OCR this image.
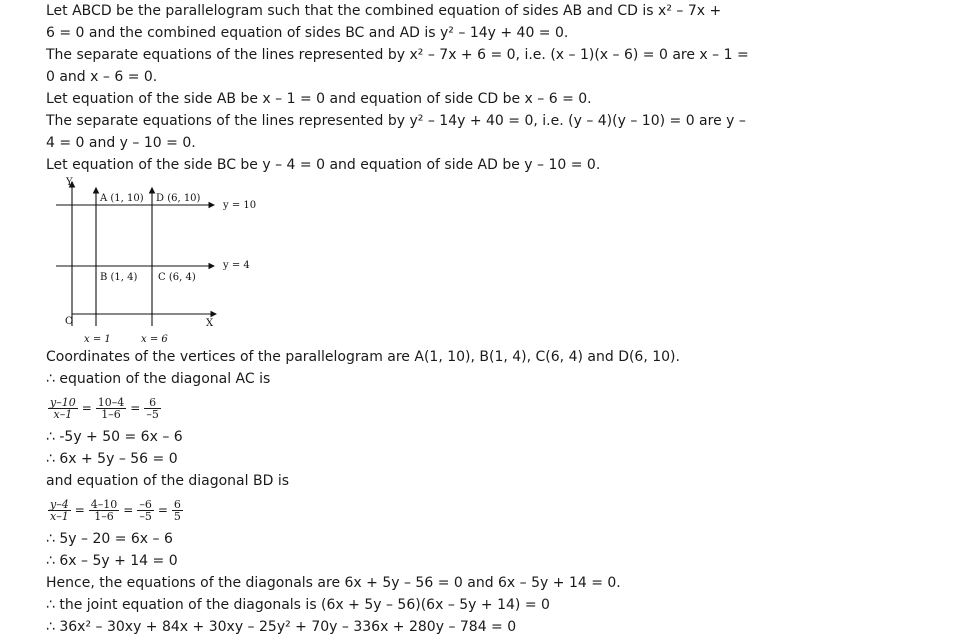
Let ABCD be the parallelogram such that the combined equation of sides AB and CD is x² – 7x +
6 = 0 and the combined equation of sides BC and AD is y² – 14y + 40 = 0.
The separate equations of the lines represented by x² – 7x + 6 = 0, i.e. (x – 1)(x – 6) = 0 are x – 1 =
0 and x – 6 = 0.
Let equation of the side AB be x – 1 = 0 and equation of side CD be x – 6 = 0.
The separate equations of the lines represented by y² – 14y + 40 = 0, i.e. (y – 4)(y – 10) = 0 are y –
4 = 0 and y – 10 = 0.
Let equation of the side BC be y – 4 = 0 and equation of side AD be y – 10 = 0.
Y
X
O
A (1, 10) D (6, 10)
B (1, 4) C (6, 4)
y = 10
y = 4
x = 1	x = 6
Coordinates of the vertices of the parallelogram are A(1, 10), B(1, 4), C(6, 4) and D(6, 10).
∴ equation of the diagonal AC is
$\frac{y-10}{x-1} = \frac{10-4}{1-6} = \frac{6}{-5}$
∴ -5y + 50 = 6x – 6
∴ 6x + 5y – 56 = 0
and equation of the diagonal BD is
$\frac{y-4}{x-1} = \frac{4-10}{1-6} = \frac{-6}{-5} = \frac{6}{5}$
∴ 5y – 20 = 6x – 6
∴ 6x – 5y + 14 = 0
Hence, the equations of the diagonals are 6x + 5y – 56 = 0 and 6x – 5y + 14 = 0.
∴ the joint equation of the diagonals is (6x + 5y – 56)(6x – 5y + 14) = 0
∴ 36x² – 30xy + 84x + 30xy – 25y² + 70y – 336x + 280y – 784 = 0
